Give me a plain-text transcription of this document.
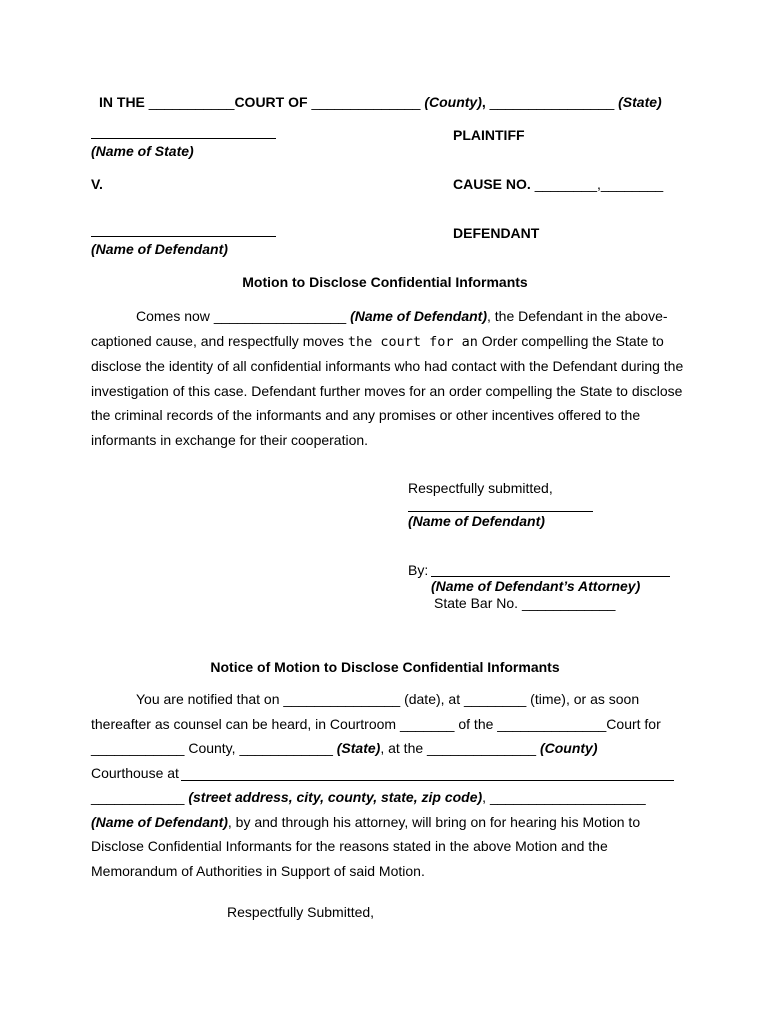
IN THE ___________COURT OF ______________ (County), ________________ (State)
PLAINTIFF
(Name of State)
V.	CAUSE NO. ________,________
DEFENDANT
(Name of Defendant)
Motion to Disclose Confidential Informants
Comes now _________________ (Name of Defendant), the Defendant in the above-
captioned cause, and respectfully moves the court for an Order compelling the State to
disclose the identity of all confidential informants who had contact with the Defendant during the
investigation of this case. Defendant further moves for an order compelling the State to disclose
the criminal records of the informants and any promises or other incentives offered to the
informants in exchange for their cooperation.
Respectfully submitted,
(Name of Defendant)
By:
(Name of Defendant’s Attorney)
State Bar No. ____________
Notice of Motion to Disclose Confidential Informants
You are notified that on _______________ (date), at ________ (time), or as soon
thereafter as counsel can be heard, in Courtroom _______ of the ______________Court for
____________ County, ____________ (State), at the ______________ (County)
Courthouse at
____________ (street address, city, county, state, zip code), ____________________
(Name of Defendant), by and through his attorney, will bring on for hearing his Motion to
Disclose Confidential Informants for the reasons stated in the above Motion and the
Memorandum of Authorities in Support of said Motion.
Respectfully Submitted,
